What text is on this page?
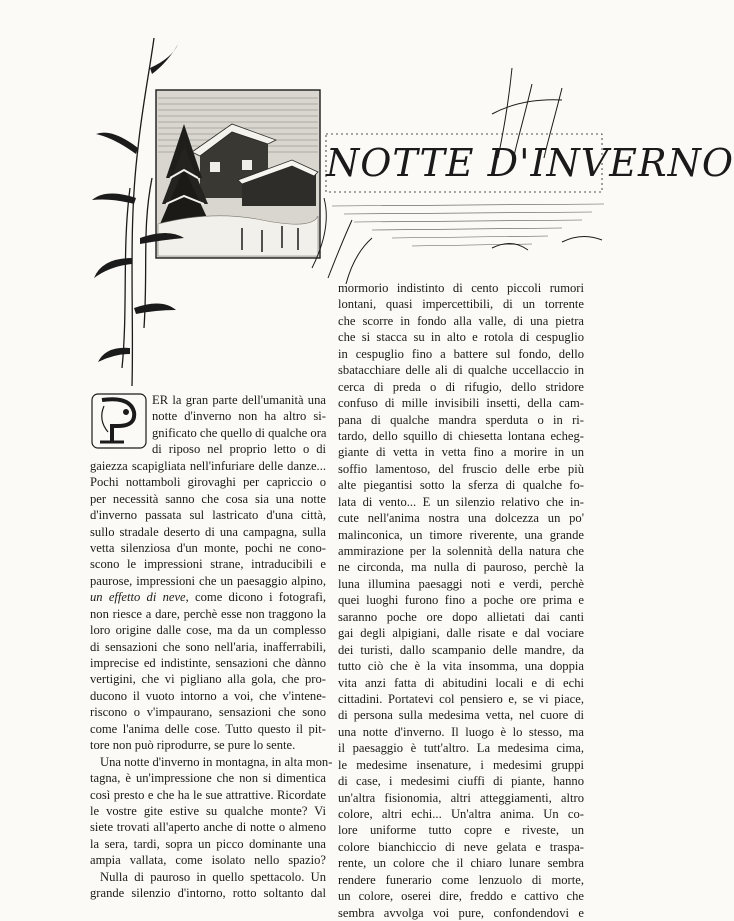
NOTTE D'INVERNO
ER la gran parte dell'umanità una
notte d'inverno non ha altro si-
gnificato che quello di qualche ora
di riposo nel proprio letto o di
gaiezza scapigliata nell'infuriare delle danze...
Pochi nottamboli girovaghi per capriccio o
per necessità sanno che cosa sia una notte
d'inverno passata sul lastricato d'una città,
sullo stradale deserto di una campagna, sulla
vetta silenziosa d'un monte, pochi ne cono-
scono le impressioni strane, intraducibili e
paurose, impressioni che un paesaggio alpino,
un effetto di neve, come dicono i fotografi,
non riesce a dare, perchè esse non traggono la
loro origine dalle cose, ma da un complesso
di sensazioni che sono nell'aria, inafferrabili,
imprecise ed indistinte, sensazioni che dànno
vertigini, che vi pigliano alla gola, che pro-
ducono il vuoto intorno a voi, che v'intene-
riscono o v'impaurano, sensazioni che sono
come l'anima delle cose. Tutto questo il pit-
tore non può riprodurre, se pure lo sente.
Una notte d'inverno in montagna, in alta mon-
tagna, è un'impressione che non si dimentica
così presto e che ha le sue attrattive. Ricordate
le vostre gite estive su qualche monte? Vi
siete trovati all'aperto anche di notte o almeno
la sera, tardi, sopra un picco dominante una
ampia vallata, come isolato nello spazio?
Nulla di pauroso in quello spettacolo. Un
grande silenzio d'intorno, rotto soltanto dal
mormorio indistinto di cento piccoli rumori
lontani, quasi impercettibili, di un torrente
che scorre in fondo alla valle, di una pietra
che si stacca su in alto e rotola di cespuglio
in cespuglio fino a battere sul fondo, dello
sbatacchiare delle ali di qualche uccellaccio in
cerca di preda o di rifugio, dello stridore
confuso di mille invisibili insetti, della cam-
pana di qualche mandra sperduta o in ri-
tardo, dello squillo di chiesetta lontana echeg-
giante di vetta in vetta fino a morire in un
soffio lamentoso, del fruscio delle erbe più
alte piegantisi sotto la sferza di qualche fo-
lata di vento... E un silenzio relativo che in-
cute nell'anima nostra una dolcezza un po'
malinconica, un timore riverente, una grande
ammirazione per la solennità della natura che
ne circonda, ma nulla di pauroso, perchè la
luna illumina paesaggi noti e verdi, perchè
quei luoghi furono fino a poche ore prima e
saranno poche ore dopo allietati dai canti
gai degli alpigiani, dalle risate e dal vociare
dei turisti, dallo scampanio delle mandre, da
tutto ciò che è la vita insomma, una doppia
vita anzi fatta di abitudini locali e di echi
cittadini. Portatevi col pensiero e, se vi piace,
di persona sulla medesima vetta, nel cuore di
una notte d'inverno. Il luogo è lo stesso, ma
il paesaggio è tutt'altro. La medesima cima,
le medesime insenature, i medesimi gruppi
di case, i medesimi ciuffi di piante, hanno
un'altra fisionomia, altri atteggiamenti, altro
colore, altri echi... Un'altra anima. Un co-
lore uniforme tutto copre e riveste, un
colore bianchiccio di neve gelata e traspa-
rente, un colore che il chiaro lunare sembra
rendere funerario come lenzuolo di morte,
un colore, oserei dire, freddo e cattivo che
sembra avvolga voi pure, confondendovi e
